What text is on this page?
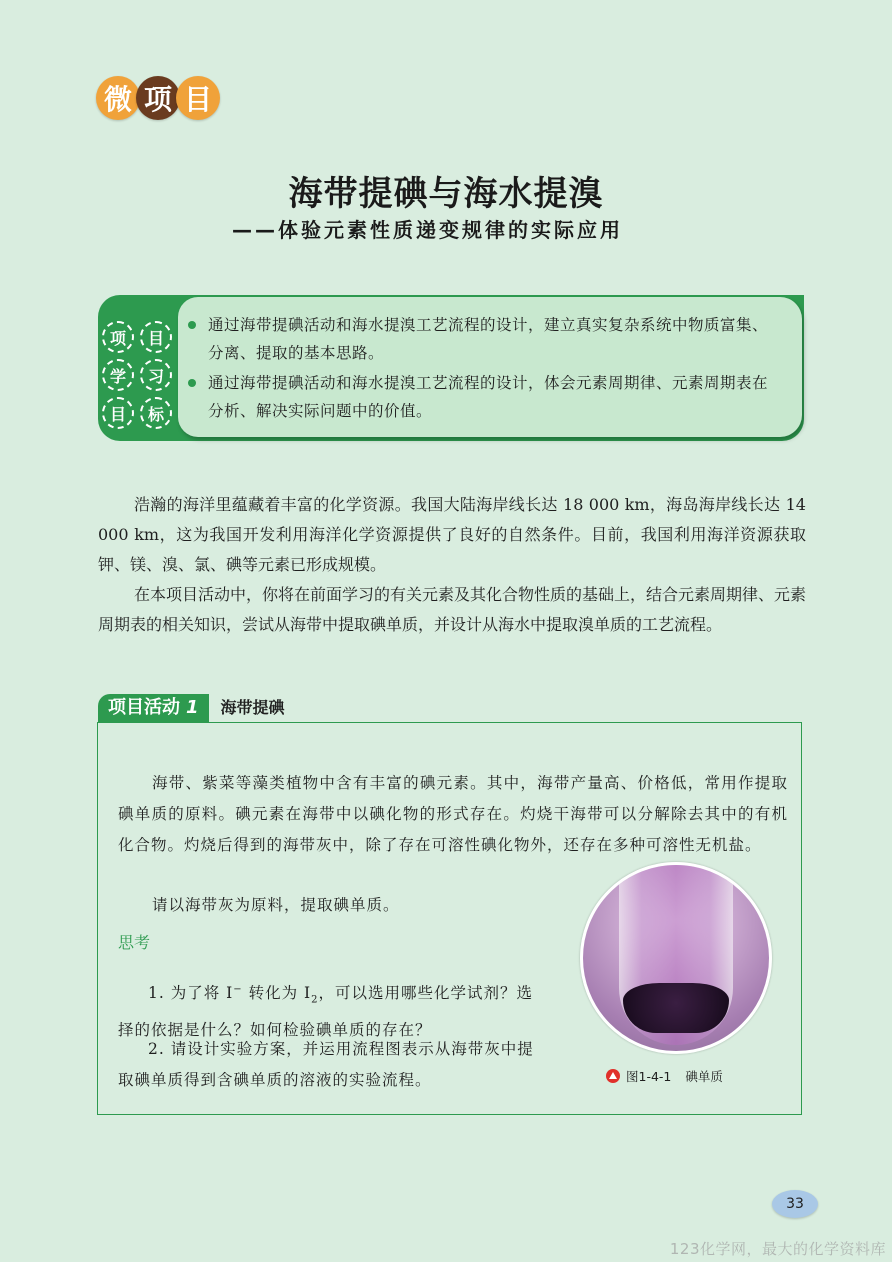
微 项 目
海带提碘与海水提溴
——体验元素性质递变规律的实际应用
项	目
学	习
目	标
通过海带提碘活动和海水提溴工艺流程的设计，建立真实复杂系统中物质富集、分离、提取的基本思路。
通过海带提碘活动和海水提溴工艺流程的设计，体会元素周期律、元素周期表在分析、解决实际问题中的价值。

浩瀚的海洋里蕴藏着丰富的化学资源。我国大陆海岸线长达 18 000 km，海岛海岸线长达 14 000 km，这为我国开发利用海洋化学资源提供了良好的自然条件。目前，我国利用海洋资源获取钾、镁、溴、氯、碘等元素已形成规模。

在本项目活动中，你将在前面学习的有关元素及其化合物性质的基础上，结合元素周期律、元素周期表的相关知识，尝试从海带中提取碘单质，并设计从海水中提取溴单质的工艺流程。

项目活动 1	海带提碘

海带、紫菜等藻类植物中含有丰富的碘元素。其中，海带产量高、价格低，常用作提取碘单质的原料。碘元素在海带中以碘化物的形式存在。灼烧干海带可以分解除去其中的有机化合物。灼烧后得到的海带灰中，除了存在可溶性碘化物外，还存在多种可溶性无机盐。

请以海带灰为原料，提取碘单质。

思考

1. 为了将 I− 转化为 $I_2$，可以选用哪些化学试剂？选择的依据是什么？如何检验碘单质的存在？

2. 请设计实验方案，并运用流程图表示从海带灰中提取碘单质得到含碘单质的溶液的实验流程。	图1-4-1 碘单质
33
123化学网，最大的化学资料库
